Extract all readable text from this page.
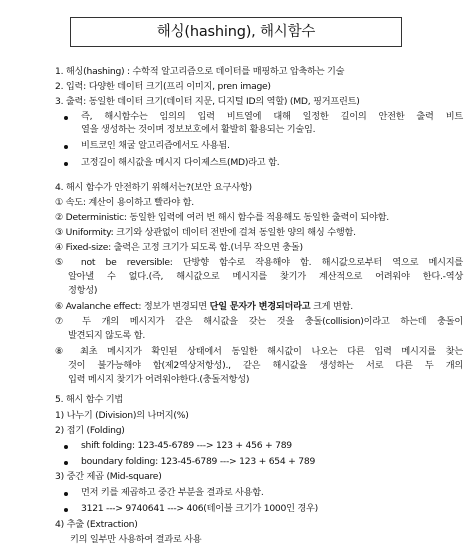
해싱(hashing), 해시함수
1. 해싱(hashing) : 수학적 알고리즘으로 데이터를 매핑하고 압축하는 기술
2. 입력: 다양한 데이터 크기(프리 이미지, pren image)
3. 출력: 동일한 데이터 크기(데이터 지문, 디지털 ID의 역할) (MD, 핑거프린트)
즉, 해시함수는 임의의 입력 비트열에 대해 일정한 길이의 안전한 출력 비트
열을 생성하는 것이며 정보보호에서 활발히 활용되는 기술임.
비트코인 채굴 알고리즘에서도 사용됨.
고정길이 해시값을 메시지 다이제스트(MD)라고 함.
4. 해시 함수가 안전하기 위해서는?(보안 요구사항)
① 속도: 계산이 용이하고 빨라야 함.
② Deterministic: 동일한 입력에 여러 번 해시 함수를 적용해도 동일한 출력이 되야함.
③ Uniformity: 크기와 상관없이 데이터 전반에 걸쳐 동일한 양의 해싱 수행함.
④ Fixed-size: 출력은 고정 크기가 되도록 함.(너무 작으면 충돌)
⑤ not be reversible: 단방향 함수로 작용해야 함. 해시값으로부터 역으로 메시지를
알아낼 수 없다.(즉, 해시값으로 메시지를 찾기가 계산적으로 어려워야 한다.-역상
정항성)
⑥ Avalanche effect: 정보가 변경되면 단일 문자가 변경되더라고 크게 변함.
⑦ 두 개의 메시지가 같은 해시값을 갖는 것을 충돌(collision)이라고 하는데 충돌이
발견되지 않도록 함.
⑧ 최초 메시지가 확인된 상태에서 동일한 해시값이 나오는 다른 입력 메시지를 찾는
것이 불가능해야 함(제2역상저항성)., 같은 해시값을 생성하는 서로 다른 두 개의
입력 메시지 찾기가 어려워야한다.(충돌저항성)
5. 해시 함수 기법
1) 나누기 (Division)의 나머지(%)
2) 접기 (Folding)
shift folding: 123-45-6789 ---> 123 + 456 + 789
boundary folding: 123-45-6789 ---> 123 + 654 + 789
3) 중간 제곱 (Mid-square)
먼저 키를 제곱하고 중간 부분을 결과로 사용함.
3121 ---> 9740641 ---> 406(테이블 크기가 1000인 경우)
4) 추출 (Extraction)
키의 일부만 사용하여 결과로 사용
